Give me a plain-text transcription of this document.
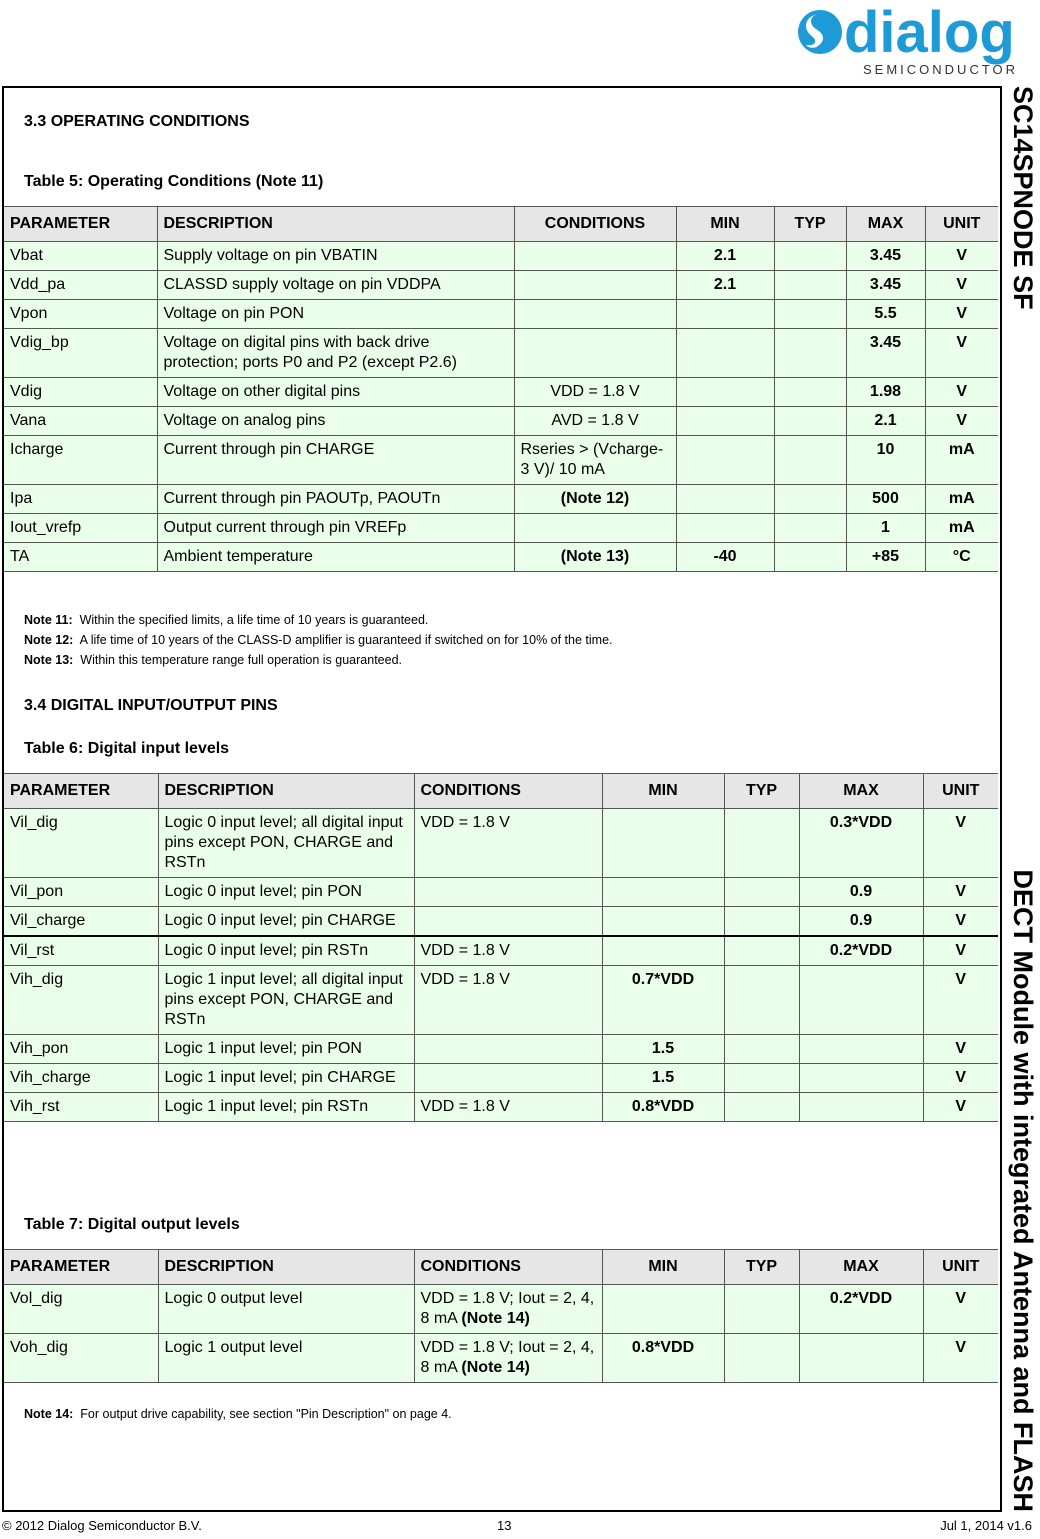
dialog
SEMICONDUCTOR
SC14SPNODE SF
DECT Module with integrated Antenna and FLASH
3.3 OPERATING CONDITIONS
Table 5: Operating Conditions (Note 11)
PARAMETER	DESCRIPTION	CONDITIONS	MIN	TYP	MAX	UNIT
Vbat	Supply voltage on pin VBATIN		2.1		3.45	V
Vdd_pa	CLASSD supply voltage on pin VDDPA		2.1		3.45	V
Vpon	Voltage on pin PON				5.5	V
Vdig_bp	Voltage on digital pins with back drive protection; ports P0 and P2 (except P2.6)				3.45	V
Vdig	Voltage on other digital pins	VDD = 1.8 V			1.98	V
Vana	Voltage on analog pins	AVD = 1.8 V			2.1	V
Icharge	Current through pin CHARGE	Rseries > (Vcharge-3 V)/ 10 mA			10	mA
Ipa	Current through pin PAOUTp, PAOUTn	(Note 12)			500	mA
Iout_vrefp	Output current through pin VREFp				1	mA
TA	Ambient temperature	(Note 13)	-40		+85	°C
Note 11: Within the specified limits, a life time of 10 years is guaranteed.
Note 12: A life time of 10 years of the CLASS-D amplifier is guaranteed if switched on for 10% of the time.
Note 13: Within this temperature range full operation is guaranteed.
3.4 DIGITAL INPUT/OUTPUT PINS
Table 6: Digital input levels
PARAMETER	DESCRIPTION	CONDITIONS	MIN	TYP	MAX	UNIT
Vil_dig	Logic 0 input level; all digital input pins except PON, CHARGE and RSTn	VDD = 1.8 V			0.3*VDD	V
Vil_pon	Logic 0 input level; pin PON				0.9	V
Vil_charge	Logic 0 input level; pin CHARGE				0.9	V
Vil_rst	Logic 0 input level; pin RSTn	VDD = 1.8 V			0.2*VDD	V
Vih_dig	Logic 1 input level; all digital input pins except PON, CHARGE and RSTn	VDD = 1.8 V	0.7*VDD			V
Vih_pon	Logic 1 input level; pin PON		1.5			V
Vih_charge	Logic 1 input level; pin CHARGE		1.5			V
Vih_rst	Logic 1 input level; pin RSTn	VDD = 1.8 V	0.8*VDD			V
Table 7: Digital output levels
PARAMETER	DESCRIPTION	CONDITIONS	MIN	TYP	MAX	UNIT
Vol_dig	Logic 0 output level	VDD = 1.8 V; Iout = 2, 4, 8 mA (Note 14)			0.2*VDD	V
Voh_dig	Logic 1 output level	VDD = 1.8 V; Iout = 2, 4, 8 mA (Note 14)	0.8*VDD			V
Note 14: For output drive capability, see section "Pin Description" on page 4.
© 2012 Dialog Semiconductor B.V.	13	Jul 1, 2014 v1.6
